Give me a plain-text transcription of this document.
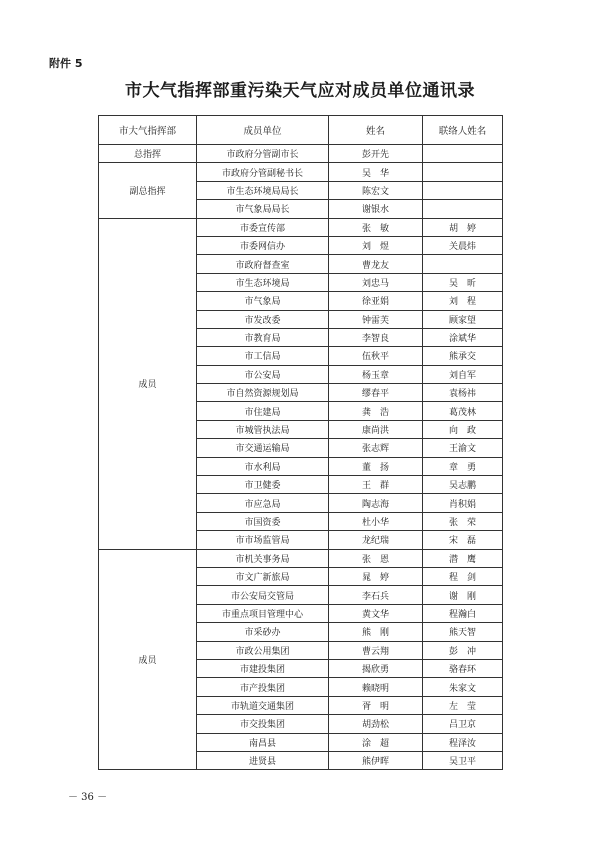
附件 5
市大气指挥部重污染天气应对成员单位通讯录
市大气指挥部	成员单位	姓名	联络人姓名
总指挥	市政府分管副市长	彭开先	
副总指挥	市政府分管副秘书长	吴　华	
	市生态环境局局长	陈宏文	
	市气象局局长	谢银水	
成员	市委宣传部	张　敏	胡　婷
	市委网信办	刘　煜	关晨炜
	市政府督查室	曹龙友	
	市生态环境局	刘忠马	吴　昕
	市气象局	徐亚娟	刘　程
	市发改委	钟雷芙	顾家望
	市教育局	李智良	涂斌华
	市工信局	伍秋平	熊承交
	市公安局	杨玉章	刘自军
	市自然资源规划局	缪春平	袁杨祎
	市住建局	龚　浩	葛茂林
	市城管执法局	康尚洪	向　政
	市交通运输局	张志辉	王渝文
	市水利局	董　扬	章　勇
	市卫健委	王　群	吴志鹏
	市应急局	陶志海	肖积娟
	市国资委	杜小华	张　荣
	市市场监管局	龙纪瑞	宋　磊
成员	市机关事务局	张　恩	潜　鹰
	市文广新旅局	晁　婷	程　剑
	市公安局交管局	李石兵	谢　刚
	市重点项目管理中心	黄文华	程瀚白
	市采砂办	熊　刚	熊天智
	市政公用集团	曹云翔	彭　冲
	市建投集团	揭欣勇	骆春环
	市产投集团	赖晓明	朱家文
	市轨道交通集团	胥　明	左　莹
	市交投集团	胡劲松	吕卫京
	南昌县	涂　超	程泽汝
	进贤县	熊伊晖	吴卫平
－ 36 －
